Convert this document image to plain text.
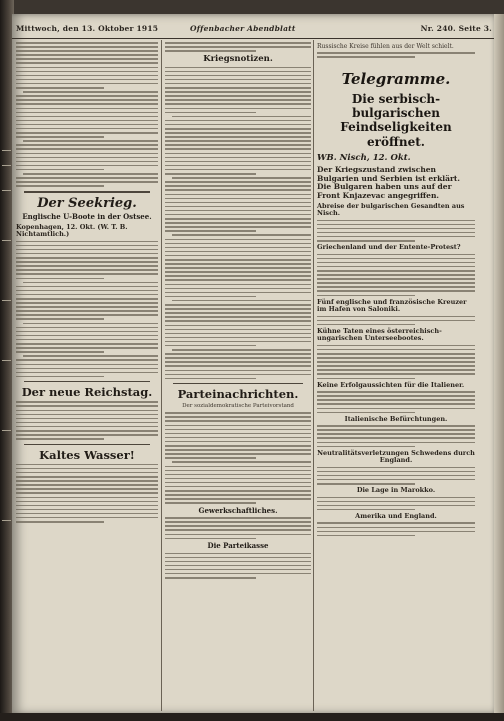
Mittwoch, den 13. Oktober 1915	Offenbacher Abendblatt	Nr. 240. Seite 3.
Der Seekrieg.
Englische U-Boote in der Ostsee.
Kopenhagen, 12. Okt. (W. T. B. Nichtamtlich.)
Der neue Reichstag.
Kaltes Wasser!
Kriegsnotizen.
Parteinachrichten.
Der sozialdemokratische Parteivorstand
Gewerkschaftliches.
Die Parteikasse
Russische Kreise fühlen aus der Welt schielt.
Telegramme.
Die serbisch-bulgarischen Feindseligkeiten eröffnet.
WB. Nisch, 12. Okt.
Der Kriegszustand zwischen Bulgarien und Serbien ist erklärt. Die Bulgaren haben uns auf der Front Knjazevac angegriffen.
Abreise der bulgarischen Gesandten aus Nisch.
Griechenland und der Entente-Protest?
Fünf englische und französische Kreuzer im Hafen von Saloniki.
Kühne Taten eines österreichisch-ungarischen Unterseebootes.
Keine Erfolgaussichten für die Italiener.
Italienische Befürchtungen.
Neutralitätsverletzungen Schwedens durch England.
Die Lage in Marokko.
Amerika und England.
